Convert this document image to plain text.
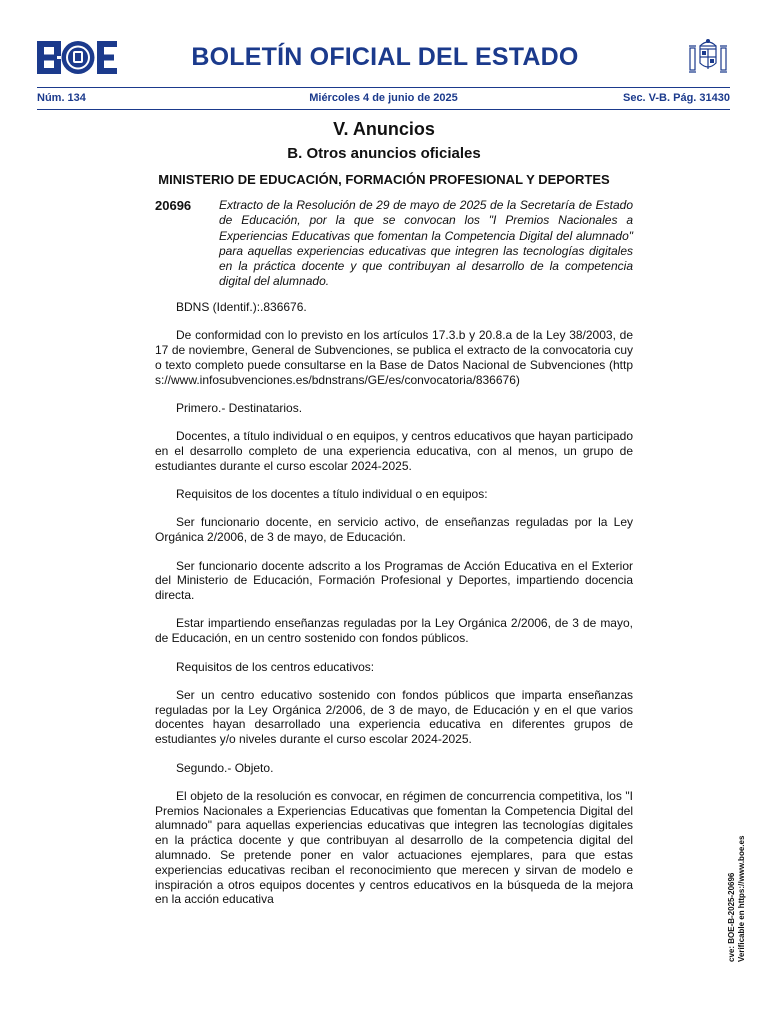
BOLETÍN OFICIAL DEL ESTADO
Núm. 134	Miércoles 4 de junio de 2025	Sec. V-B. Pág. 31430
V. Anuncios
B. Otros anuncios oficiales
MINISTERIO DE EDUCACIÓN, FORMACIÓN PROFESIONAL Y DEPORTES
20696 Extracto de la Resolución de 29 de mayo de 2025 de la Secretaría de Estado de Educación, por la que se convocan los "I Premios Nacionales a Experiencias Educativas que fomentan la Competencia Digital del alumnado" para aquellas experiencias educativas que integren las tecnologías digitales en la práctica docente y que contribuyan al desarrollo de la competencia digital del alumnado.

BDNS (Identif.):.836676.

De conformidad con lo previsto en los artículos 17.3.b y 20.8.a de la Ley 38/2003, de 17 de noviembre, General de Subvenciones, se publica el extracto de la convocatoria cuyo texto completo puede consultarse en la Base de Datos Nacional de Subvenciones (https://www.infosubvenciones.es/bdnstrans/GE/es/convocatoria/836676)

Primero.- Destinatarios.

Docentes, a título individual o en equipos, y centros educativos que hayan participado en el desarrollo completo de una experiencia educativa, con al menos, un grupo de estudiantes durante el curso escolar 2024-2025.

Requisitos de los docentes a título individual o en equipos:

Ser funcionario docente, en servicio activo, de enseñanzas reguladas por la Ley Orgánica 2/2006, de 3 de mayo, de Educación.

Ser funcionario docente adscrito a los Programas de Acción Educativa en el Exterior del Ministerio de Educación, Formación Profesional y Deportes, impartiendo docencia directa.

Estar impartiendo enseñanzas reguladas por la Ley Orgánica 2/2006, de 3 de mayo, de Educación, en un centro sostenido con fondos públicos.

Requisitos de los centros educativos:

Ser un centro educativo sostenido con fondos públicos que imparta enseñanzas reguladas por la Ley Orgánica 2/2006, de 3 de mayo, de Educación y en el que varios docentes hayan desarrollado una experiencia educativa en diferentes grupos de estudiantes y/o niveles durante el curso escolar 2024-2025.

Segundo.- Objeto.

El objeto de la resolución es convocar, en régimen de concurrencia competitiva, los "I Premios Nacionales a Experiencias Educativas que fomentan la Competencia Digital del alumnado" para aquellas experiencias educativas que integren las tecnologías digitales en la práctica docente y que contribuyan al desarrollo de la competencia digital del alumnado. Se pretende poner en valor actuaciones ejemplares, para que estas experiencias educativas reciban el reconocimiento que merecen y sirvan de modelo e inspiración a otros equipos docentes y centros educativos en la búsqueda de la mejora en la acción educativa	cve: BOE-B-2025-20696 Verificable en https://www.boe.es
